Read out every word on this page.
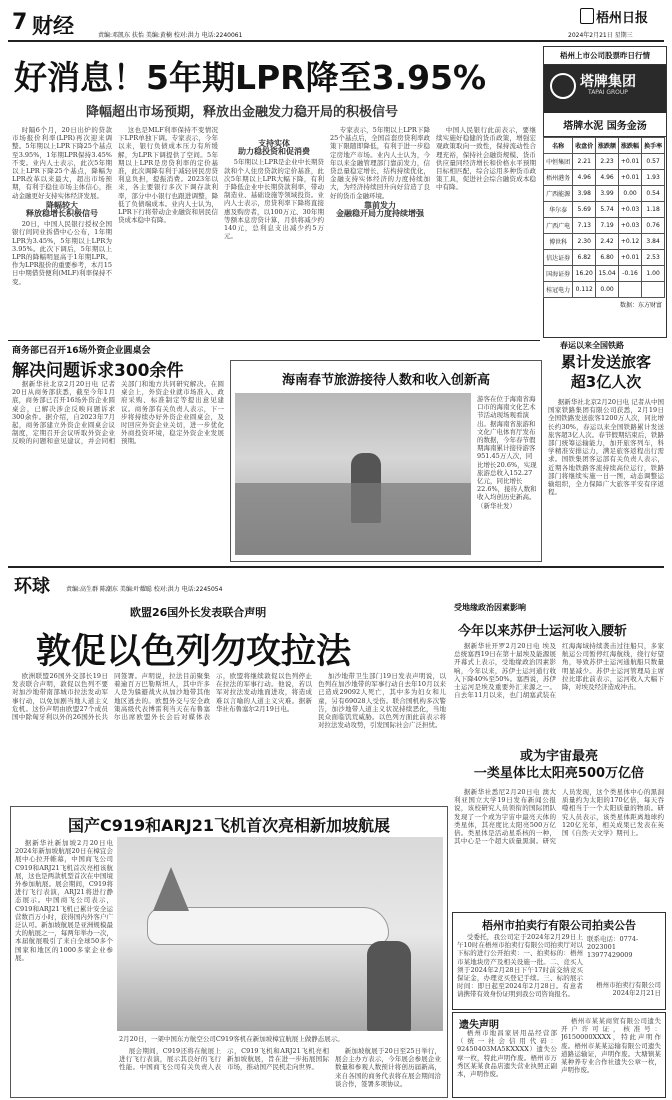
7 财经	责编:邓凯东 扶怡 美编:黄楠 校对:洪力 电话:2240061
梧州日报
2024年2月21日 星期三
好消息！5年期LPR降至3.95%
降幅超出市场预期，释放出金融发力稳开局的积极信号

时隔6个月，20日出炉的贷款市场报价利率(LPR)再次迎来调整。5年期以上LPR下降25个基点至3.95%，1年期LPR保持3.45%不变。业内人士表示，此次5年期以上LPR下降25个基点，降幅为LPR改革以来最大，超出市场预期，有利于稳住市场主体信心，推动金融更好支持实体经济发展。

降幅较大
释放稳增长积极信号

20日，中国人民银行授权全国银行间同业拆借中心公布，1年期LPR为3.45%，5年期以上LPR为3.95%。此次下调后，5年期以上LPR的降幅明显高于1年期LPR。作为LPR报价的重要参考，本月15日中期借贷便利(MLF)利率保持不变。

这也是MLF利率保持不变情况下LPR单独下调。专家表示，今年以来，银行负债成本压力有所缓解，为LPR下调提供了空间。5年期以上LPR是房贷利率的定价基准，此次调降有利于减轻居民房贷利息负担，提振消费。2023年以来，各主要银行多次下调存款利率，部分中小银行也跟进调整，降低了负债端成本。业内人士认为，LPR下行将带动企业融资和居民信贷成本稳中有降。

支持实体
助力稳投资和促消费

5年期以上LPR是企业中长期贷款和个人住房贷款的定价基准，此次5年期以上LPR大幅下降，有利于降低企业中长期贷款利率，带动制造业、基础设施等领域投资。业内人士表示，房贷利率下降将直接惠及购房者，以100万元、30年期等额本息房贷计算，月供将减少约140元，总利息支出减少约5万元。

专家表示，5年期以上LPR下降25个基点后，全国首套房贷利率政策下限随即降低，有利于进一步稳定房地产市场。业内人士认为，今年以来金融管理部门靠前发力，信贷总量稳定增长，结构持续优化，金融支持实体经济的力度持续加大，为经济持续回升向好营造了良好的货币金融环境。

靠前发力
金融稳开局力度持续增强

中国人民银行此前表示，要继续实施好稳健的货币政策，增强宏观政策取向一致性，保持流动性合理充裕，保持社会融资规模、货币供应量同经济增长和价格水平预期目标相匹配，综合运用多种货币政策工具，促进社会综合融资成本稳中有降。

梧州上市公司股票昨日行情
塔牌集团
TAPAI GROUP
塔牌水泥 国务金汤
名称	收盘价	涨跌额	涨跌幅	换手率
中恒集团	2.21	2.23	+0.01	0.57
梧州港务	4.96	4.96	+0.01	1.93
广西能源	3.98	3.99	0.00	0.54
华尔泰	5.69	5.74	+0.03	1.18
广西广电	7.13	7.19	+0.03	0.76
博世科	2.30	2.42	+0.12	3.84
信达证券	6.82	6.80	+0.01	2.53
国海证券	16.20	15.04	-0.16	1.00
桂冠电力	0.112	0.00		
数据：东方财富
商务部已召开16场外资企业圆桌会
解决问题诉求300余件

据新华社北京2月20日电 记者20日从商务部获悉，截至今年1月底，商务部已召开16场外资企业圆桌会，已解决涉企反映问题诉求300余件。据介绍，自2023年7月起，商务部建立外资企业圆桌会议制度，定期召开会议听取外资企业反映的问题和意见建议，并会同相关部门和地方共同研究解决。在圆桌会上，外资企业就市场准入、政府采购、标准制定等提出意见建议。商务部有关负责人表示，下一步将持续办好外资企业圆桌会，及时回应外资企业关切，进一步优化外商投资环境，稳定外资企业发展预期。

海南春节旅游接待人数和收入创新高
游客在位于海南省海口市的海南文化艺术节活动现场观看演出。据海南省旅游和文化广电体育厅发布的数据，今年春节假期海南累计接待游客951.45万人次，同比增长20.6%，实现旅游总收入152.27亿元，同比增长22.6%，接待人数和收入均创历史新高。（新华社发）
春运以来全国铁路
累计发送旅客
超3亿人次

据新华社北京2月20日电 记者从中国国家铁路集团有限公司获悉，2月19日全国铁路发送旅客1200万人次，同比增长约30%，春运以来全国铁路累计发送旅客超3亿人次。春节假期结束后，铁路部门统筹运输能力，加开旅客列车，科学精准安排运力，满足旅客返程出行需求。国铁集团客运部有关负责人表示，近期各地铁路客流持续高位运行，铁路部门将继续实施一日一图，动态调整运输组织，全力保障广大旅客平安有序返程。

环球	责编:高生群 陈潮东 美编:叶耀聪 校对:洪力 电话:2245054
欧盟26国外长发表联合声明
敦促以色列勿攻拉法

欧洲联盟26国外交部长19日发表联合声明，敦促以色列不要对加沙地带南部城市拉法发动军事行动，以免加剧当地人道主义危机。这份声明由欧盟27个成员国中除匈牙利以外的26国外长共同签署。声明说，拉法目前聚集着逾百万巴勒斯坦人，其中许多人是为躲避战火从加沙地带其他地区逃去的。欧盟外交与安全政策高级代表博雷利当天在布鲁塞尔出席欧盟外长会后对媒体表示，欧盟将继续敦促以色列停止在拉法的军事行动。他说，若以军对拉法发动地面进攻，将造成难以言喻的人道主义灾难。据新华社布鲁塞尔2月19日电。

加沙地带卫生部门19日发表声明说，以色列在加沙地带的军事行动自去年10月以来已造成29092人死亡，其中多为妇女和儿童，另有69028人受伤。联合国机构多次警告，加沙地带人道主义状况持续恶化，当地民众面临饥荒威胁。以色列方面此前表示将对拉法发动攻势，引发国际社会广泛担忧。

受地缘政治因素影响
今年以来苏伊士运河收入腰斩

据新华社开罗2月20日电 埃及总统塞西19日在第十届埃及能源展开幕式上表示，受地缘政治因素影响，今年以来，苏伊士运河通行收入下降40%至50%。塞西说，苏伊士运河是埃及重要外汇来源之一。自去年11月以来，也门胡塞武装在红海海域持续袭击过往船只，多家航运公司暂停红海航线，绕行好望角，导致苏伊士运河通航船只数量明显减少。苏伊士运河管理局主席拉比耶此前表示，运河收入大幅下降，对埃及经济造成冲击。

或为宇宙最亮
一类星体比太阳亮500万亿倍

据新华社悉尼2月20日电 澳大利亚国立大学19日发布新闻公报说，该校研究人员领衔的国际团队发现了一个或为宇宙中最亮天体的类星体，其亮度比太阳亮500万亿倍。类星体是活动星系核的一种，其中心是一个超大质量黑洞。研究人员发现，这个类星体中心的黑洞质量约为太阳的170亿倍，每天吞噬相当于一个太阳质量的物质。研究人员表示，该类星体距离地球约120亿光年，相关成果已发表在英国《自然·天文学》期刊上。

国产C919和ARJ21飞机首次亮相新加坡航展

据新华社新加坡2月20日电 2024年新加坡航展20日在樟宜会展中心拉开帷幕，中国商飞公司C919和ARJ21飞机首次亮相该航展，这也是两款机型首次在中国境外参加航展。展会期间，C919将进行飞行表演，ARJ21将进行静态展示。中国商飞公司表示，C919和ARJ21飞机已累计安全运营数百万小时，获得国内外客户广泛认可。新加坡航展是亚洲规模最大的航展之一，每两年举办一次，本届航展吸引了来自全球50多个国家和地区的1000多家企业参展。

2月20日，一架中国东方航空公司C919客机在新加坡樟宜航展上做静态展示。

展会期间，C919还将在航展上进行飞行表演，展示其良好的飞行性能。中国商飞公司有关负责人表示，C919飞机和ARJ21飞机亮相新加坡航展，旨在进一步拓展国际市场，推动国产民机走向世界。

新加坡航展于20日至25日举行，展会主办方表示，今年展会参展企业数量和参观人数预计将创历届新高，来自各国的商务代表将在展会期间洽谈合作，签署多项协议。

梧州市拍卖行有限公司拍卖公告

受委托，我公司定于2024年2月29日上午10时在梧州市拍卖行有限公司拍卖厅对以下标的进行公开拍卖：一、拍卖标的：梧州市某地块房产及相关设施一批。二、竞买人须于2024年2月28日下午17时前交纳竞买保证金，办理竞买登记手续。三、标的展示时间：即日起至2024年2月28日。有意者请携带有效身份证明到我公司咨询报名。

联系电话：0774-2023001 13977429009
梧州市拍卖行有限公司
2024年2月21日
遗失声明

梧州市地昌家居用品经营部（统一社会信用代码：92450403MA5KXXXX）遗失公章一枚，特此声明作废。梧州市万秀区某某食品店遗失营业执照正副本，声明作废。

梧州市某某商贸有限公司遗失开户许可证，核准号：J6150000XXXX，特此声明作废。梧州市某某运输有限公司遗失道路运输证，声明作废。大塘镇某某种养专业合作社遗失公章一枚，声明作废。
